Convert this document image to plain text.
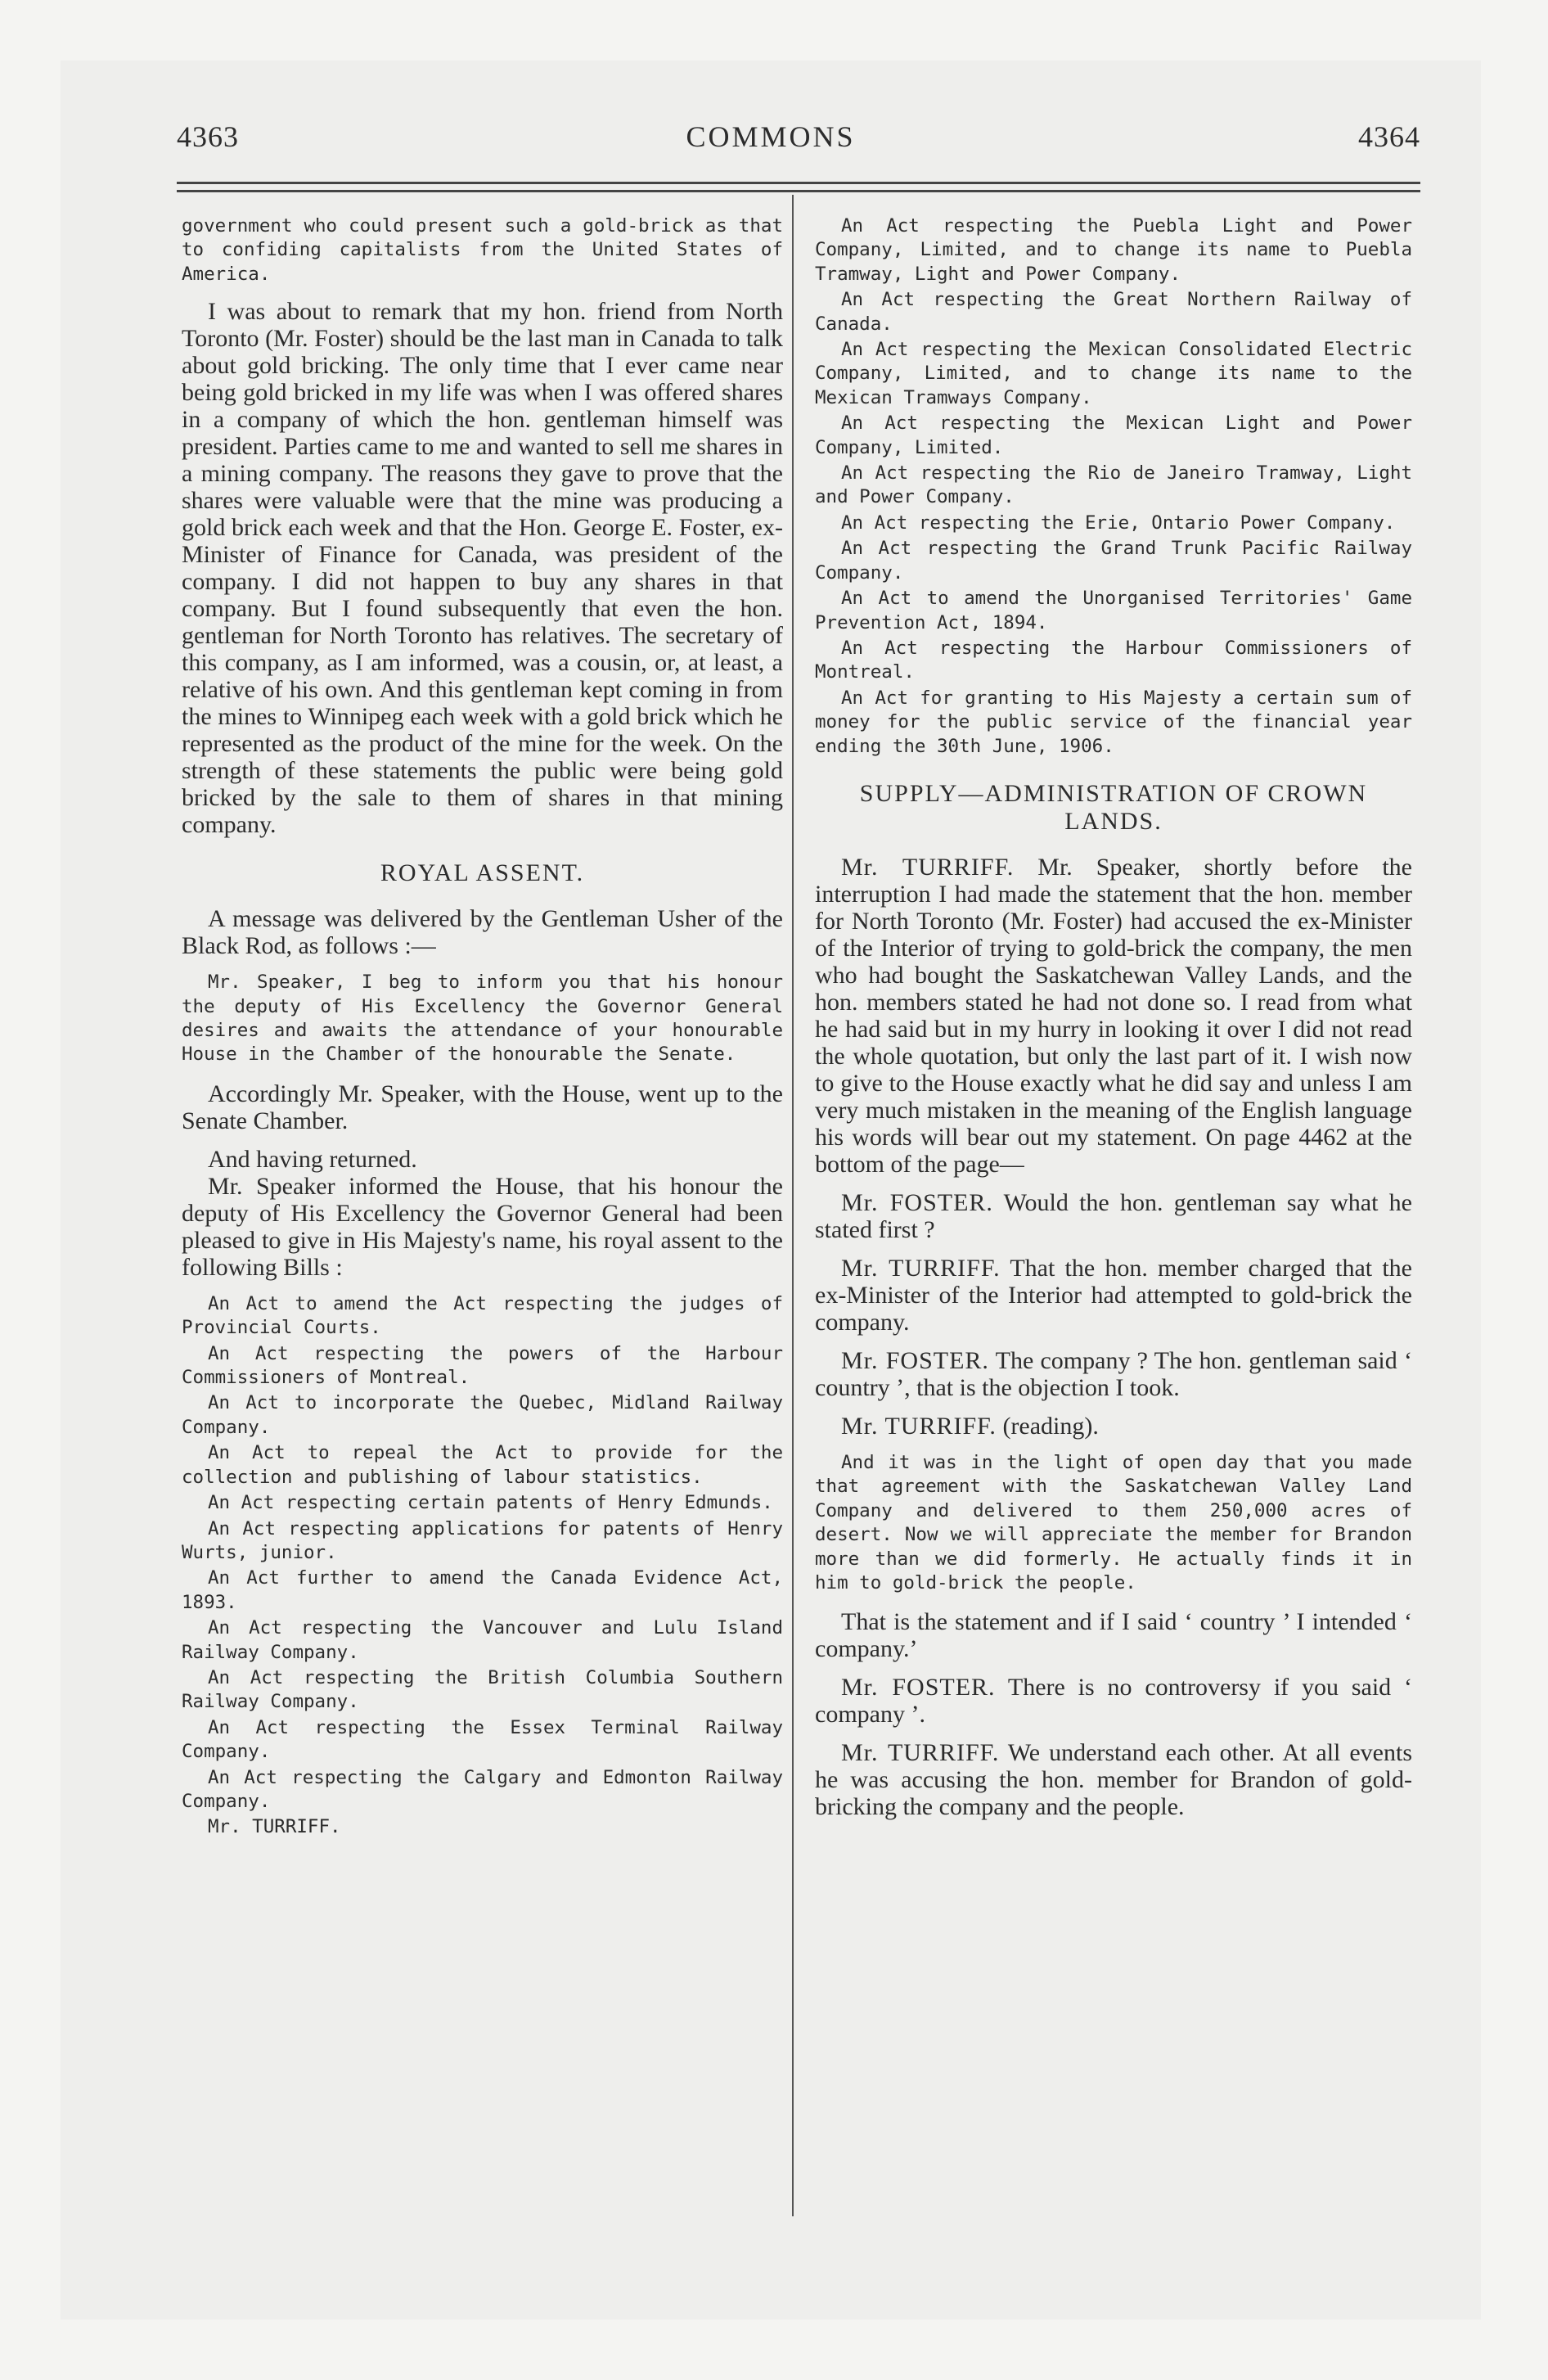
4363	COMMONS	4364

government who could present such a gold-brick as that to confiding capitalists from the United States of America.

I was about to remark that my hon. friend from North Toronto (Mr. Foster) should be the last man in Canada to talk about gold bricking. The only time that I ever came near being gold bricked in my life was when I was offered shares in a company of which the hon. gentleman himself was president. Parties came to me and wanted to sell me shares in a mining company. The reasons they gave to prove that the shares were valuable were that the mine was producing a gold brick each week and that the Hon. George E. Foster, ex-Minister of Finance for Canada, was president of the company. I did not happen to buy any shares in that company. But I found subsequently that even the hon. gentleman for North Toronto has relatives. The secretary of this company, as I am informed, was a cousin, or, at least, a relative of his own. And this gentleman kept coming in from the mines to Winnipeg each week with a gold brick which he represented as the product of the mine for the week. On the strength of these statements the public were being gold bricked by the sale to them of shares in that mining company.

ROYAL ASSENT.

A message was delivered by the Gentleman Usher of the Black Rod, as follows :—

Mr. Speaker, I beg to inform you that his honour the deputy of His Excellency the Governor General desires and awaits the attendance of your honourable House in the Chamber of the honourable the Senate.

Accordingly Mr. Speaker, with the House, went up to the Senate Chamber.

And having returned.

Mr. Speaker informed the House, that his honour the deputy of His Excellency the Governor General had been pleased to give in His Majesty's name, his royal assent to the following Bills :

An Act to amend the Act respecting the judges of Provincial Courts.

An Act respecting the powers of the Harbour Commissioners of Montreal.

An Act to incorporate the Quebec, Midland Railway Company.

An Act to repeal the Act to provide for the collection and publishing of labour statistics.

An Act respecting certain patents of Henry Edmunds.

An Act respecting applications for patents of Henry Wurts, junior.

An Act further to amend the Canada Evidence Act, 1893.

An Act respecting the Vancouver and Lulu Island Railway Company.

An Act respecting the British Columbia Southern Railway Company.

An Act respecting the Essex Terminal Railway Company.

An Act respecting the Calgary and Edmonton Railway Company.

Mr. TURRIFF.

An Act respecting the Puebla Light and Power Company, Limited, and to change its name to Puebla Tramway, Light and Power Company.

An Act respecting the Great Northern Railway of Canada.

An Act respecting the Mexican Consolidated Electric Company, Limited, and to change its name to the Mexican Tramways Company.

An Act respecting the Mexican Light and Power Company, Limited.

An Act respecting the Rio de Janeiro Tramway, Light and Power Company.

An Act respecting the Erie, Ontario Power Company.

An Act respecting the Grand Trunk Pacific Railway Company.

An Act to amend the Unorganised Territories' Game Prevention Act, 1894.

An Act respecting the Harbour Commissioners of Montreal.

An Act for granting to His Majesty a certain sum of money for the public service of the financial year ending the 30th June, 1906.

SUPPLY—ADMINISTRATION OF CROWN LANDS.

Mr. TURRIFF. Mr. Speaker, shortly before the interruption I had made the statement that the hon. member for North Toronto (Mr. Foster) had accused the ex-Minister of the Interior of trying to gold-brick the company, the men who had bought the Saskatchewan Valley Lands, and the hon. members stated he had not done so. I read from what he had said but in my hurry in looking it over I did not read the whole quotation, but only the last part of it. I wish now to give to the House exactly what he did say and unless I am very much mistaken in the meaning of the English language his words will bear out my statement. On page 4462 at the bottom of the page—

Mr. FOSTER. Would the hon. gentleman say what he stated first ?

Mr. TURRIFF. That the hon. member charged that the ex-Minister of the Interior had attempted to gold-brick the company.

Mr. FOSTER. The company ? The hon. gentleman said ‘ country ’, that is the objection I took.

Mr. TURRIFF. (reading).

And it was in the light of open day that you made that agreement with the Saskatchewan Valley Land Company and delivered to them 250,000 acres of desert. Now we will appreciate the member for Brandon more than we did formerly. He actually finds it in him to gold-brick the people.

That is the statement and if I said ‘ country ’ I intended ‘ company.’

Mr. FOSTER. There is no controversy if you said ‘ company ’.

Mr. TURRIFF. We understand each other. At all events he was accusing the hon. member for Brandon of gold-bricking the company and the people.
